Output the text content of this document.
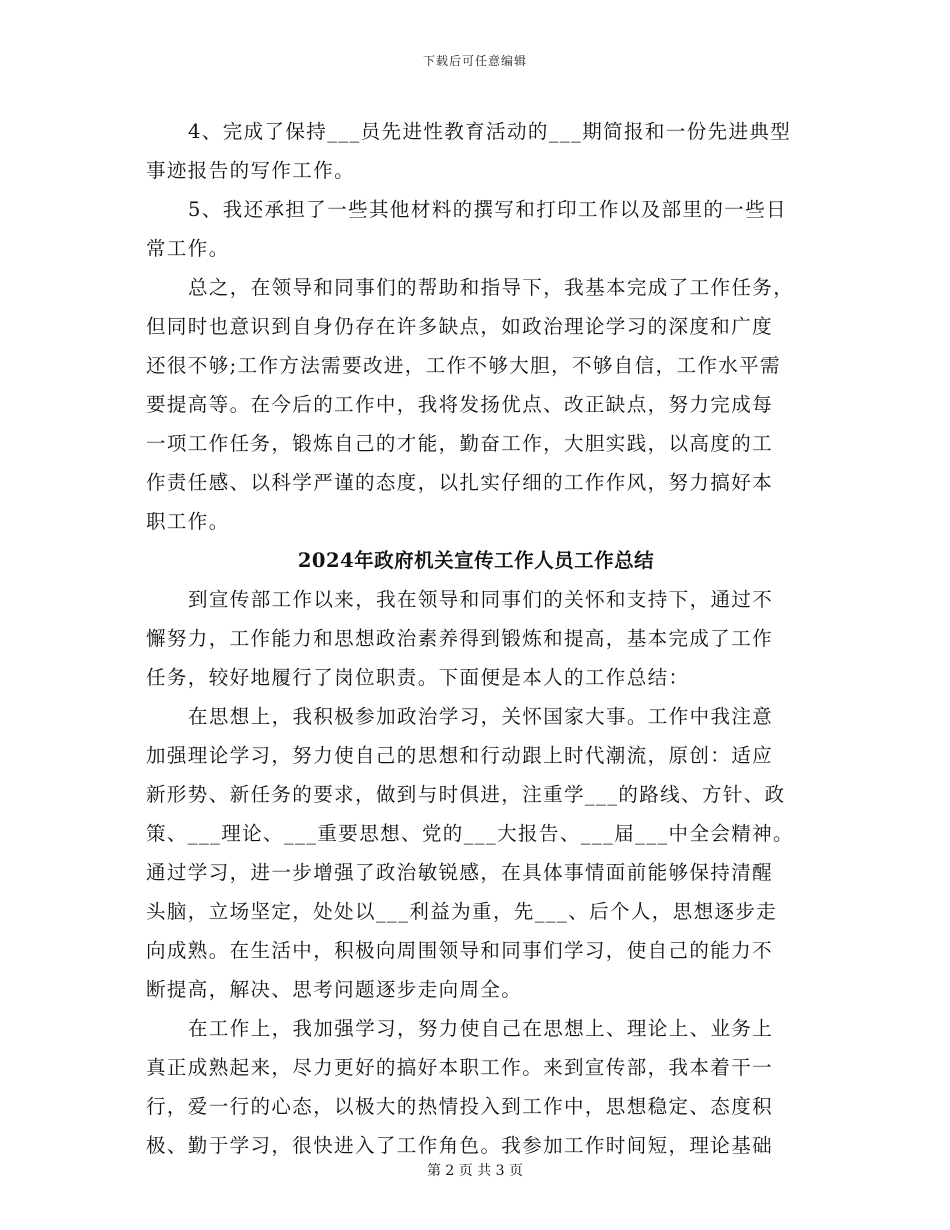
下载后可任意编辑
4、完成了保持___员先进性教育活动的___期简报和一份先进典型
事迹报告的写作工作。
5、我还承担了一些其他材料的撰写和打印工作以及部里的一些日
常工作。
总之，在领导和同事们的帮助和指导下，我基本完成了工作任务，
但同时也意识到自身仍存在许多缺点，如政治理论学习的深度和广度
还很不够;工作方法需要改进，工作不够大胆，不够自信，工作水平需
要提高等。在今后的工作中，我将发扬优点、改正缺点，努力完成每
一项工作任务，锻炼自己的才能，勤奋工作，大胆实践，以高度的工
作责任感、以科学严谨的态度，以扎实仔细的工作作风，努力搞好本
职工作。
2024年政府机关宣传工作人员工作总结
到宣传部工作以来，我在领导和同事们的关怀和支持下，通过不
懈努力，工作能力和思想政治素养得到锻炼和提高，基本完成了工作
任务，较好地履行了岗位职责。下面便是本人的工作总结：
在思想上，我积极参加政治学习，关怀国家大事。工作中我注意
加强理论学习，努力使自己的思想和行动跟上时代潮流，原创：适应
新形势、新任务的要求，做到与时俱进，注重学___的路线、方针、政
策、___理论、___重要思想、党的___大报告、___届___中全会精神。
通过学习，进一步增强了政治敏锐感，在具体事情面前能够保持清醒
头脑，立场坚定，处处以___利益为重，先___、后个人，思想逐步走
向成熟。在生活中，积极向周围领导和同事们学习，使自己的能力不
断提高，解决、思考问题逐步走向周全。
在工作上，我加强学习，努力使自己在思想上、理论上、业务上
真正成熟起来，尽力更好的搞好本职工作。来到宣传部，我本着干一
行，爱一行的心态，以极大的热情投入到工作中，思想稳定、态度积
极、勤于学习，很快进入了工作角色。我参加工作时间短，理论基础
第 2 页 共 3 页
